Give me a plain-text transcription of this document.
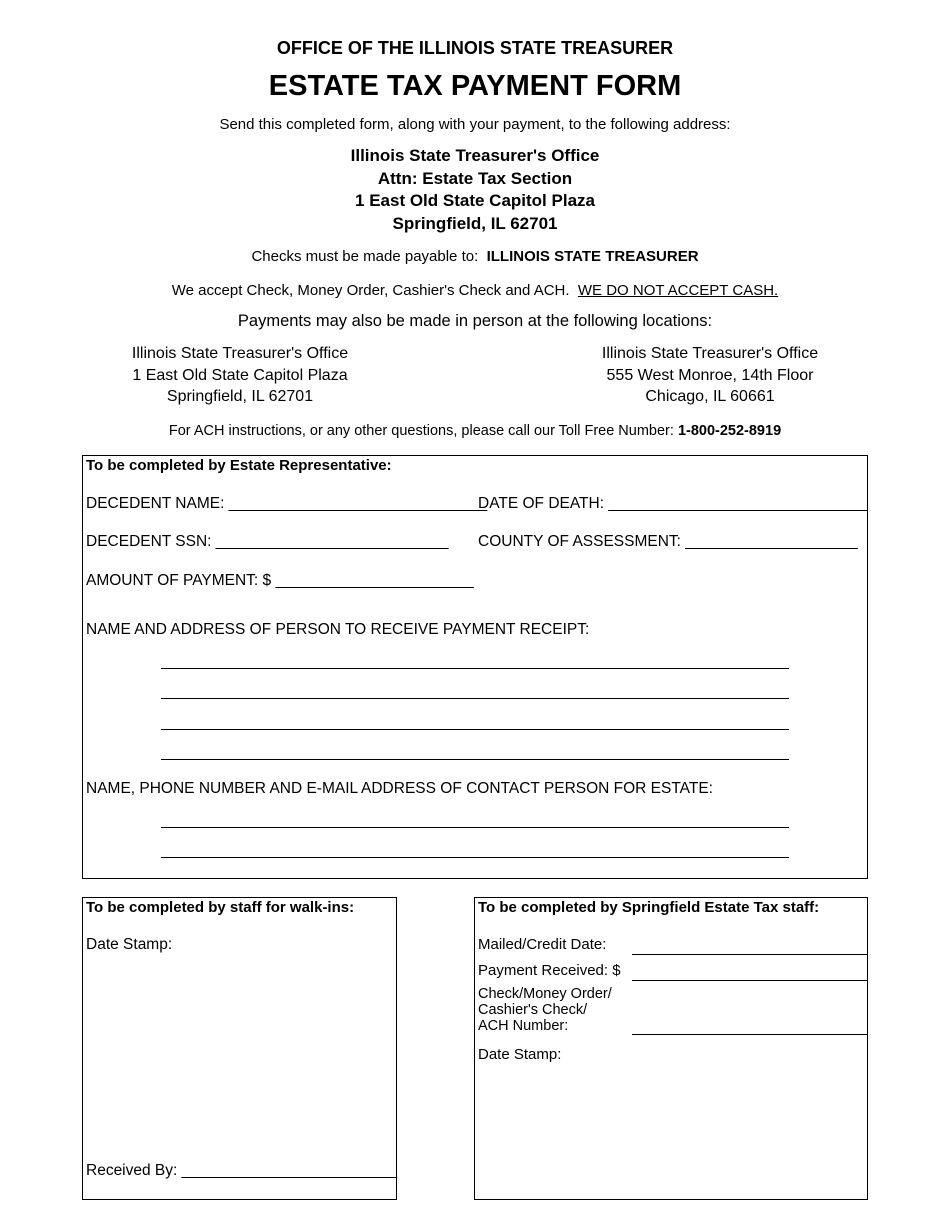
OFFICE OF THE ILLINOIS STATE TREASURER
ESTATE TAX PAYMENT FORM
Send this completed form, along with your payment, to the following address:
Illinois State Treasurer's Office
Attn: Estate Tax Section
1 East Old State Capitol Plaza
Springfield, IL 62701
Checks must be made payable to: ILLINOIS STATE TREASURER
We accept Check, Money Order, Cashier's Check and ACH. WE DO NOT ACCEPT CASH.
Payments may also be made in person at the following locations:
Illinois State Treasurer's Office
1 East Old State Capitol Plaza
Springfield, IL 62701
Illinois State Treasurer's Office
555 West Monroe, 14th Floor
Chicago, IL 60661
For ACH instructions, or any other questions, please call our Toll Free Number: 1-800-252-8919
To be completed by Estate Representative:
DECEDENT NAME: ______________________________
DATE OF DEATH: ______________________________
DECEDENT SSN: ___________________________ COUNTY OF ASSESSMENT: ____________________
AMOUNT OF PAYMENT: $ _______________________
NAME AND ADDRESS OF PERSON TO RECEIVE PAYMENT RECEIPT:
NAME, PHONE NUMBER AND E-MAIL ADDRESS OF CONTACT PERSON FOR ESTATE:
To be completed by staff for walk-ins:
Date Stamp:
Received By: _________________________
To be completed by Springfield Estate Tax staff:
Mailed/Credit Date:
Payment Received: $
Check/Money Order/
Cashier's Check/
ACH Number:
Date Stamp:
